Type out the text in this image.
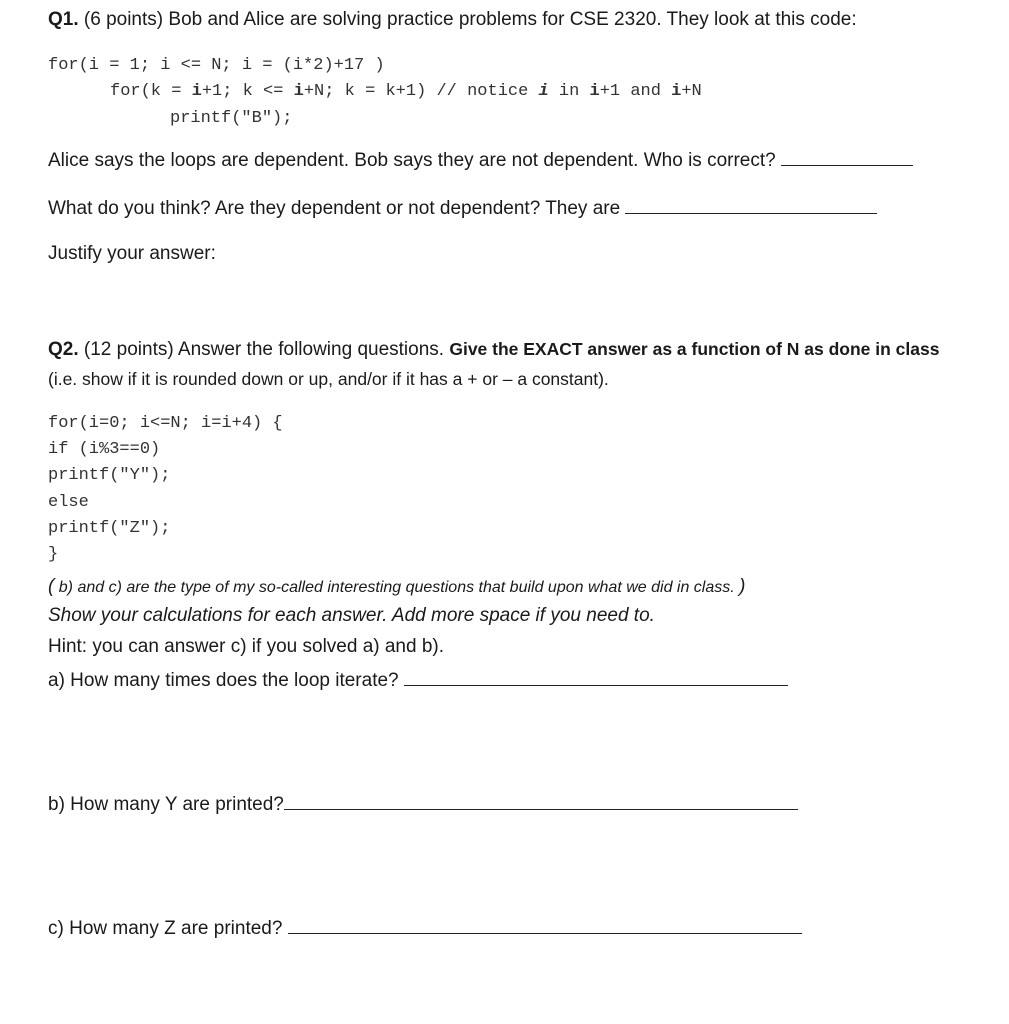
Q1. (6 points) Bob and Alice are solving practice problems for CSE 2320. They look at this code:
for(i = 1; i <= N; i = (i*2)+17 )
for(k = i+1; k <= i+N; k = k+1) // notice i in i+1 and i+N
printf("B");
Alice says the loops are dependent. Bob says they are not dependent. Who is correct?
What do you think? Are they dependent or not dependent? They are
Justify your answer:
Q2. (12 points) Answer the following questions. Give the EXACT answer as a function of N as done in class
(i.e. show if it is rounded down or up, and/or if it has a + or – a constant).
for(i=0; i<=N; i=i+4) {
if (i%3==0)
printf("Y");
else
printf("Z");
}
( b) and c) are the type of my so-called interesting questions that build upon what we did in class. )
Show your calculations for each answer. Add more space if you need to.
Hint: you can answer c) if you solved a) and b).
a) How many times does the loop iterate?
b) How many Y are printed?
c) How many Z are printed?
